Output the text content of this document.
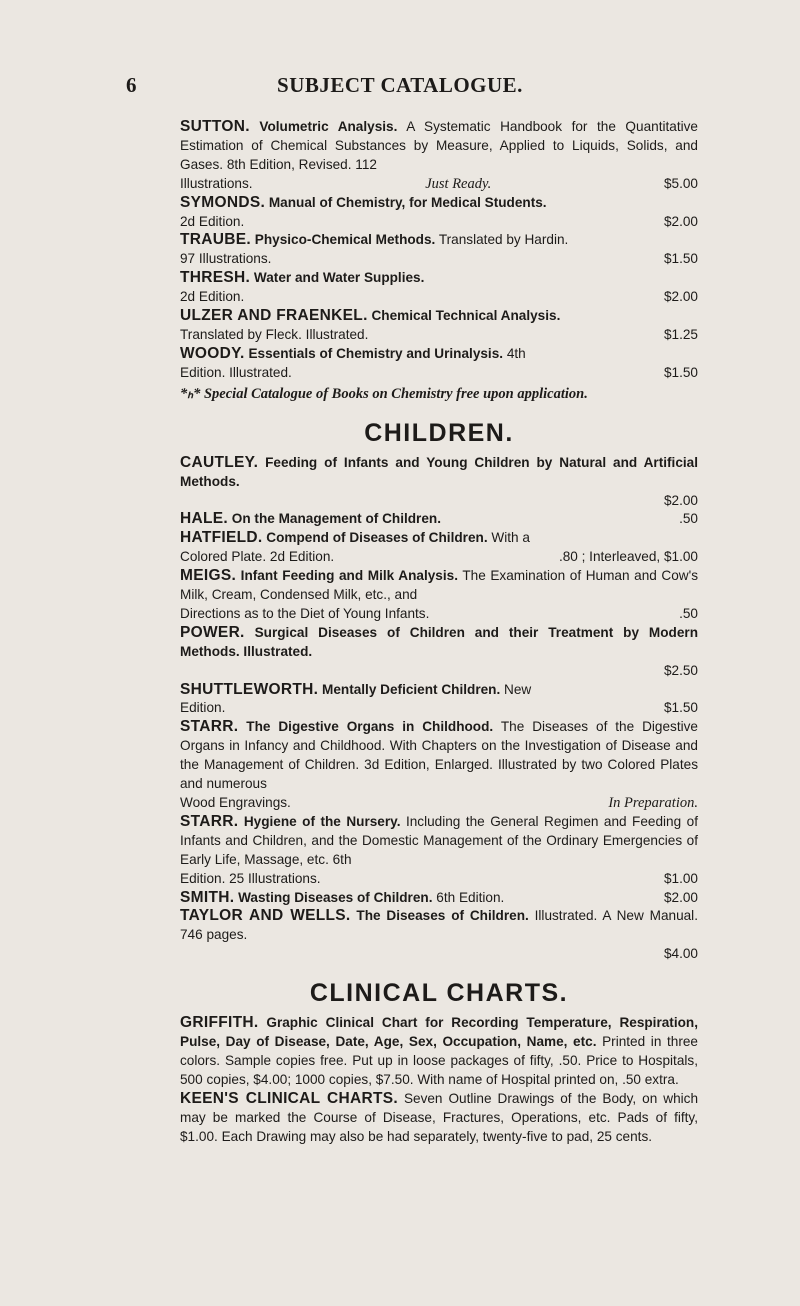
6	SUBJECT CATALOGUE.

SUTTON. Volumetric Analysis. A Systematic Handbook for the Quantitative Estimation of Chemical Substances by Measure, Applied to Liquids, Solids, and Gases. 8th Edition, Revised. 112
Illustrations.	Just Ready.	$5.00

SYMONDS. Manual of Chemistry, for Medical Students.
2d Edition.	$2.00

TRAUBE. Physico-Chemical Methods. Translated by Hardin.
97 Illustrations.	$1.50

THRESH. Water and Water Supplies.
2d Edition.	$2.00

ULZER AND FRAENKEL. Chemical Technical Analysis.
Translated by Fleck. Illustrated.	$1.25

WOODY. Essentials of Chemistry and Urinalysis. 4th
Edition. Illustrated.	$1.50

*ₕ* Special Catalogue of Books on Chemistry free upon application.

CHILDREN.

CAUTLEY. Feeding of Infants and Young Children by Natural and Artificial Methods.
$2.00

HALE. On the Management of Children.	.50

HATFIELD. Compend of Diseases of Children. With a
Colored Plate. 2d Edition.	.80 ; Interleaved, $1.00

MEIGS. Infant Feeding and Milk Analysis. The Examination of Human and Cow's Milk, Cream, Condensed Milk, etc., and
Directions as to the Diet of Young Infants.	.50

POWER. Surgical Diseases of Children and their Treatment by Modern Methods. Illustrated.
$2.50

SHUTTLEWORTH. Mentally Deficient Children. New
Edition.	$1.50

STARR. The Digestive Organs in Childhood. The Diseases of the Digestive Organs in Infancy and Childhood. With Chapters on the Investigation of Disease and the Management of Children. 3d Edition, Enlarged. Illustrated by two Colored Plates and numerous
Wood Engravings.	In Preparation.

STARR. Hygiene of the Nursery. Including the General Regimen and Feeding of Infants and Children, and the Domestic Management of the Ordinary Emergencies of Early Life, Massage, etc. 6th
Edition. 25 Illustrations.	$1.00

SMITH. Wasting Diseases of Children. 6th Edition.	$2.00

TAYLOR AND WELLS. The Diseases of Children. Illustrated. A New Manual. 746 pages.
$4.00

CLINICAL CHARTS.

GRIFFITH. Graphic Clinical Chart for Recording Temperature, Respiration, Pulse, Day of Disease, Date, Age, Sex, Occupation, Name, etc. Printed in three colors. Sample copies free. Put up in loose packages of fifty, .50. Price to Hospitals, 500 copies, $4.00; 1000 copies, $7.50. With name of Hospital printed on, .50 extra.

KEEN'S CLINICAL CHARTS. Seven Outline Drawings of the Body, on which may be marked the Course of Disease, Fractures, Operations, etc. Pads of fifty, $1.00. Each Drawing may also be had separately, twenty-five to pad, 25 cents.
